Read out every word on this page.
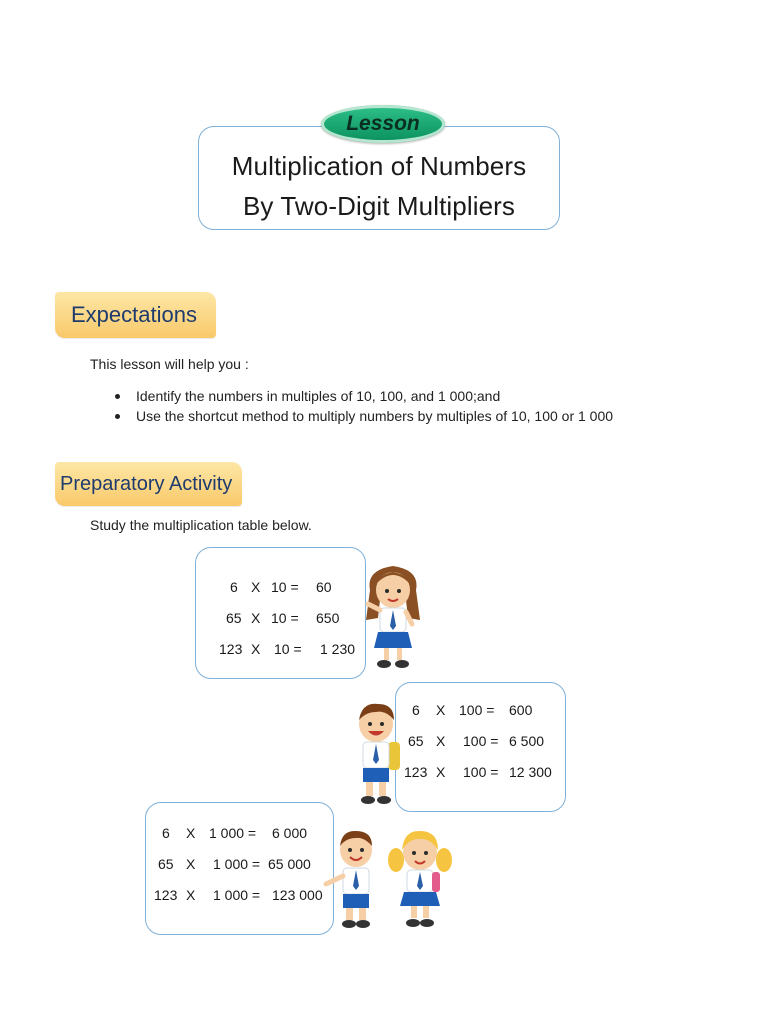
Multiplication of Numbers
By Two-Digit Multipliers
Lesson
Expectations
This lesson will help you :
Identify the numbers in multiples of 10, 100, and 1 000;and
Use the shortcut method to multiply numbers by multiples of 10, 100 or 1 000
Preparatory Activity
Study the multiplication table below.
6 X 10 = 60
65 X 10 = 650
123 X 10 = 1 230
6 X 100 = 600
65 X 100 = 6 500
123 X 100 = 12 300
6 X 1 000 = 6 000
65 X 1 000 = 65 000
123 X 1 000 = 123 000
